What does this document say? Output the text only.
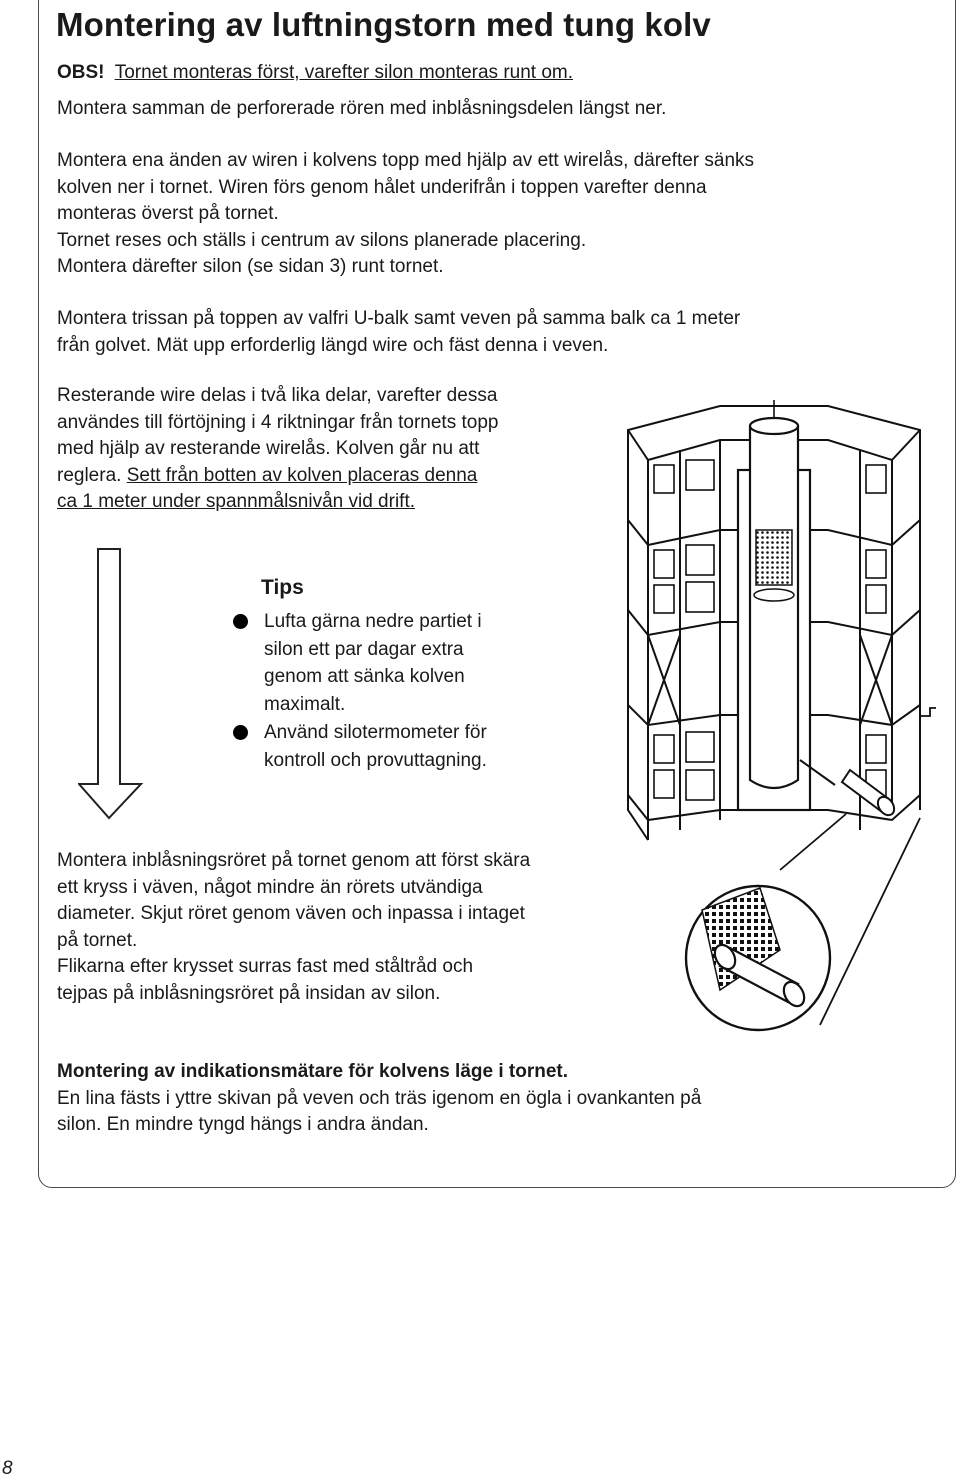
Montering av luftningstorn med tung kolv

OBS! Tornet monteras först, varefter silon monteras runt om.

Montera samman de perforerade rören med inblåsningsdelen längst ner.
Montera ena änden av wiren i kolvens topp med hjälp av ett wirelås, därefter sänks
kolven ner i tornet. Wiren förs genom hålet underifrån i toppen varefter denna
monteras överst på tornet.
Tornet reses och ställs i centrum av silons planerade placering.
Montera därefter silon (se sidan 3) runt tornet.
Montera trissan på toppen av valfri U-balk samt veven på samma balk ca 1 meter
från golvet. Mät upp erforderlig längd wire och fäst denna i veven.
Resterande wire delas i två lika delar, varefter dessa
användes till förtöjning i 4 riktningar från tornets topp
med hjälp av resterande wirelås. Kolven går nu att
reglera. Sett från botten av kolven placeras denna
ca 1 meter under spannmålsnivån vid drift.
Tips
Lufta gärna nedre partiet i
silon ett par dagar extra
genom att sänka kolven
maximalt.
Använd silotermometer för
kontroll och provuttagning.
Montera inblåsningsröret på tornet genom att först skära
ett kryss i väven, något mindre än rörets utvändiga
diameter. Skjut röret genom väven och inpassa i intaget
på tornet.
Flikarna efter krysset surras fast med ståltråd och
tejpas på inblåsningsröret på insidan av silon.
Montering av indikationsmätare för kolvens läge i tornet.
En lina fästs i yttre skivan på veven och träs igenom en ögla i ovankanten på
silon. En mindre tyngd hängs i andra ändan.

8
